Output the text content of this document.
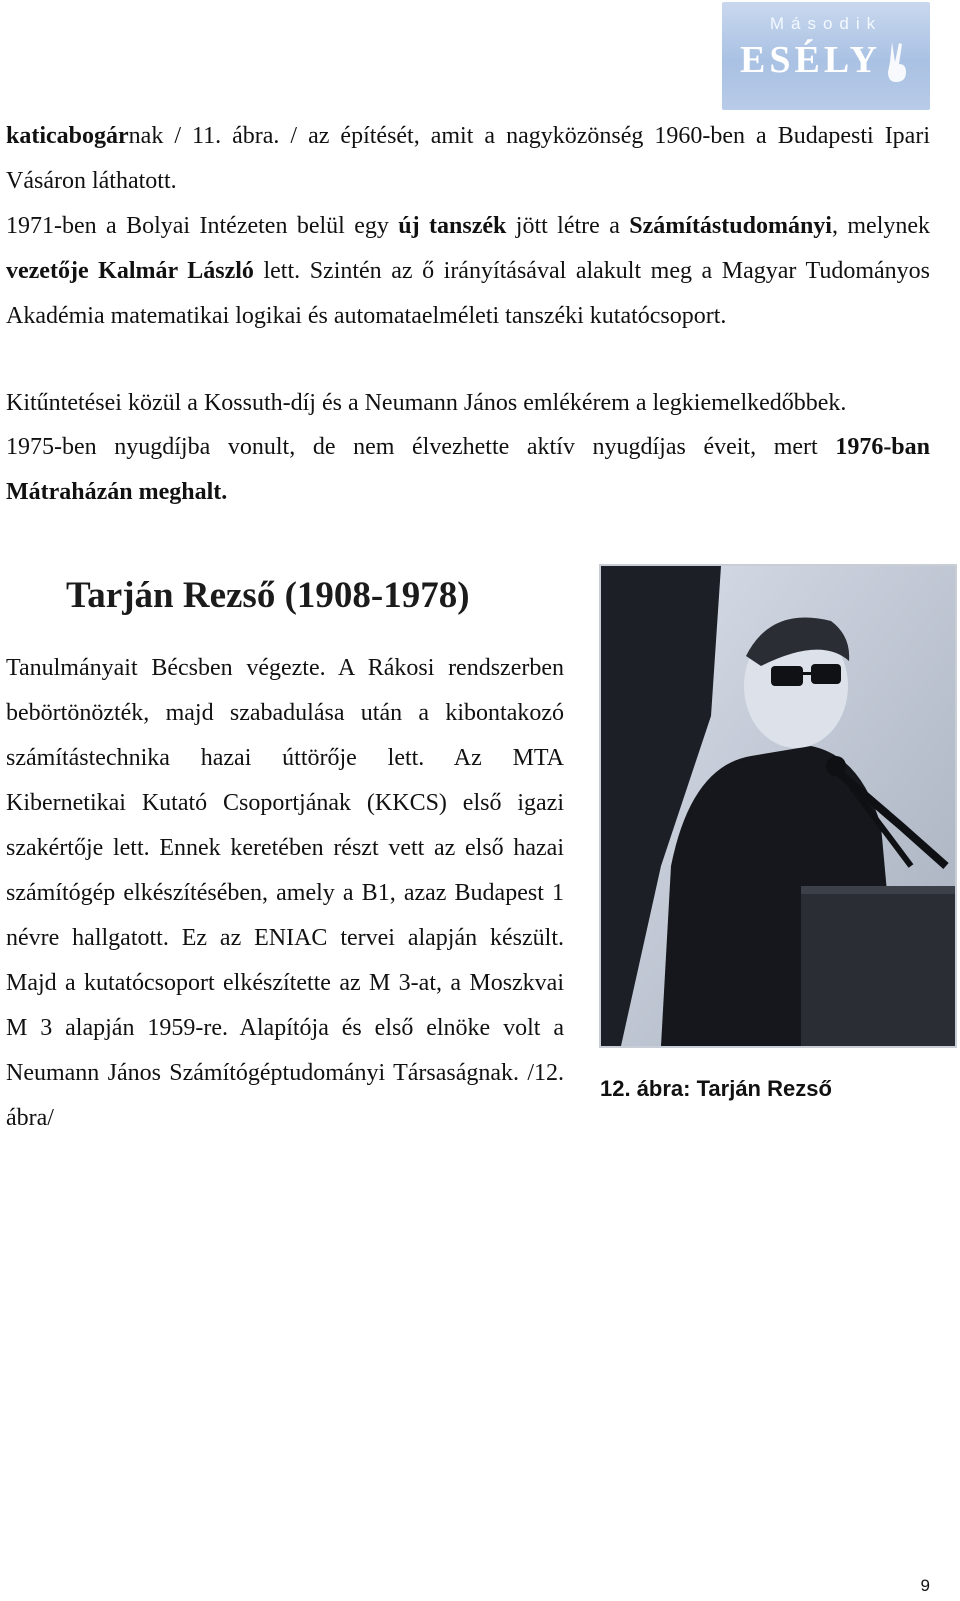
Második
ESÉLY
katicabogárnak / 11. ábra. / az építését, amit a nagyközönség 1960-ben a Budapesti Ipari Vásáron láthatott.
1971-ben a Bolyai Intézeten belül egy új tanszék jött létre a Számítástudományi, melynek vezetője Kalmár László lett. Szintén az ő irányításával alakult meg a Magyar Tudományos Akadémia matematikai logikai és automataelméleti tanszéki kutatócsoport.
Kitűntetései közül a Kossuth-díj és a Neumann János emlékérem a legkiemelkedőbbek.
1975-ben nyugdíjba vonult, de nem élvezhette aktív nyugdíjas éveit, mert 1976-ban Mátraházán meghalt.
Tarján Rezső (1908-1978)
Tanulmányait Bécsben végezte. A Rákosi rendszerben bebörtönözték, majd szabadulása után a kibontakozó számítástechnika hazai úttörője lett. Az MTA Kibernetikai Kutató Csoportjának (KKCS) első igazi szakértője lett. Ennek keretében részt vett az első hazai számítógép elkészítésében, amely a B1, azaz Budapest 1 névre hallgatott. Ez az ENIAC tervei alapján készült. Majd a kutatócsoport elkészítette az M 3-at, a Moszkvai M 3 alapján 1959-re. Alapítója és első elnöke volt a Neumann János Számítógéptudományi Társaságnak. /12. ábra/
12. ábra: Tarján Rezső
9
